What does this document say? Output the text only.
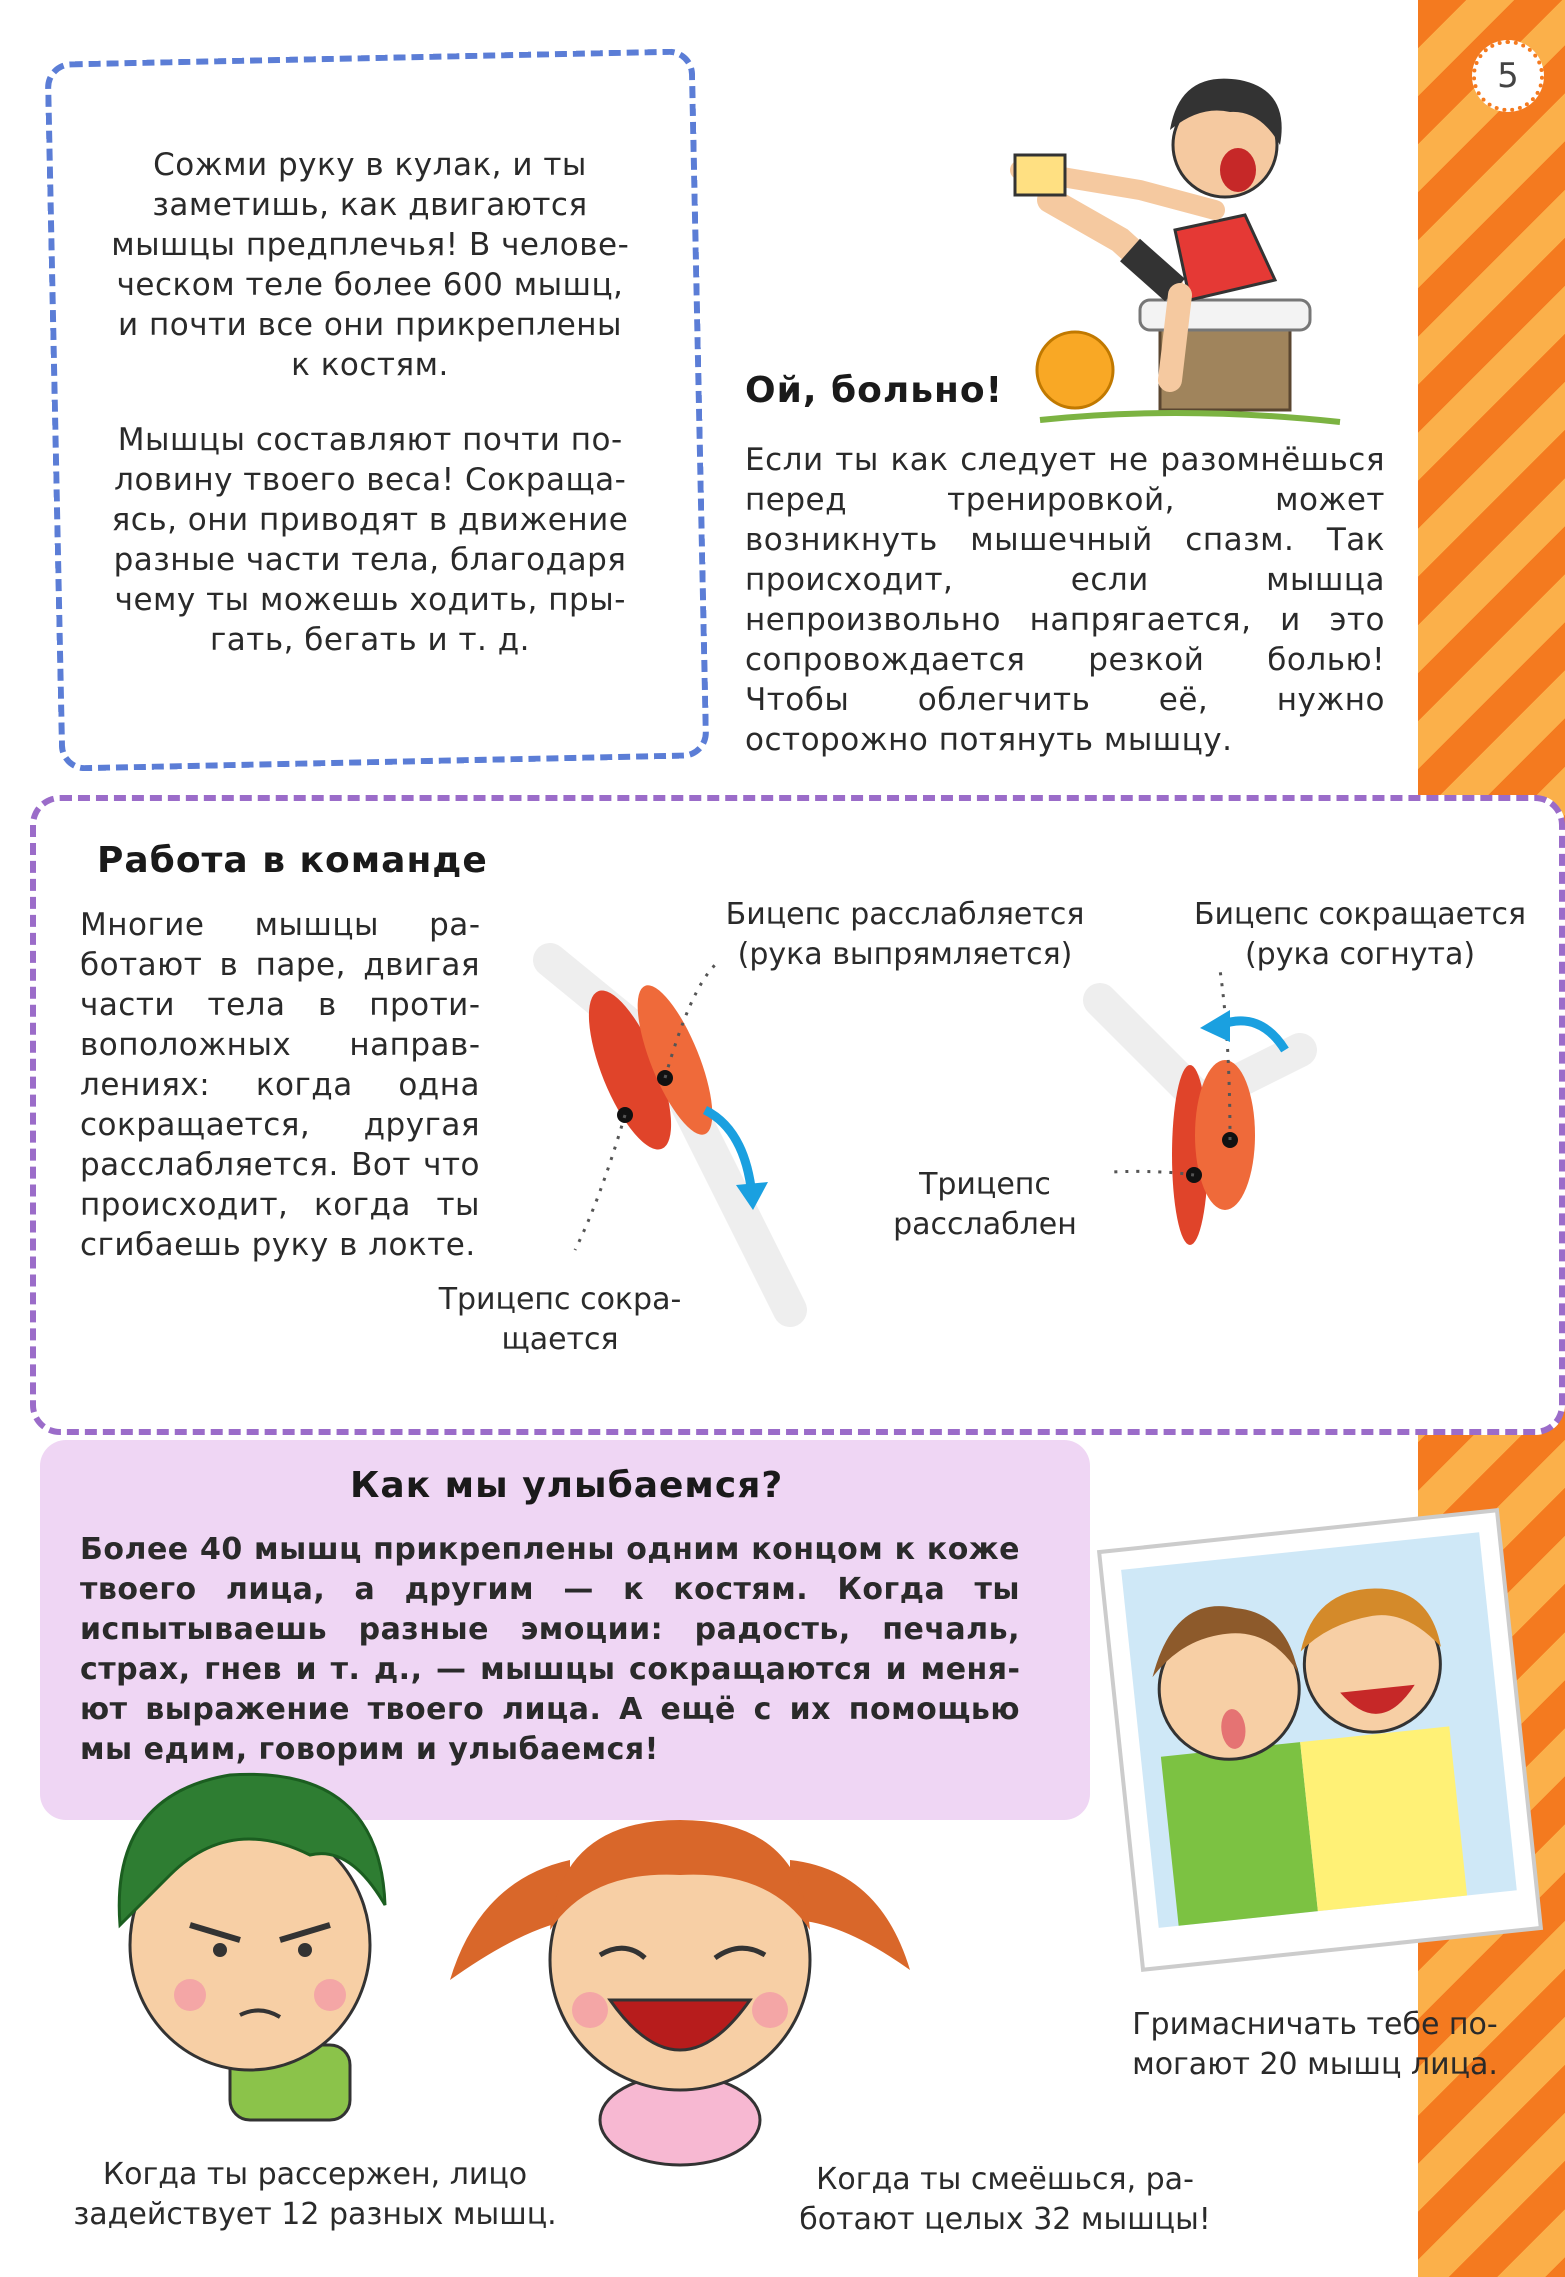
5
Сожми руку в кулак, и ты заметишь, как двигаются мышцы предплечья! В человеческом теле более 600 мышц, и почти все они прикреплены к костям.
Мышцы составляют почти половину твоего веса! Сокращаясь, они приводят в движение разные части тела, благодаря чему ты можешь ходить, прыгать, бегать и т. д.
Ой, больно!
Если ты как следует не разомнёшься перед тренировкой, может возникнуть мышечный спазм. Так происходит, если мышца непроизвольно напрягается, и это сопровождается резкой болью! Чтобы облегчить её, нужно осторожно потянуть мышцу.
Работа в команде
Многие мышцы работают в паре, двигая части тела в противоположных направлениях: когда одна сокращается, другая расслабляется. Вот что происходит, когда ты сгибаешь руку в локте.
Бицепс расслабляется (рука выпрямляется)
Трицепс сокращается
Бицепс сокращается (рука согнута)
Трицепс расслаблен
Как мы улыбаемся?
Более 40 мышц прикреплены одним концом к коже твоего лица, а другим — к костям. Когда ты испытываешь разные эмоции: радость, печаль, страх, гнев и т. д., — мышцы сокращаются и меняют выражение твоего лица. А ещё с их помощью мы едим, говорим и улыбаемся!
Гримасничать тебе помогают 20 мышц лица.
Когда ты рассержен, лицо задействует 12 разных мышц.
Когда ты смеёшься, работают целых 32 мышцы!
